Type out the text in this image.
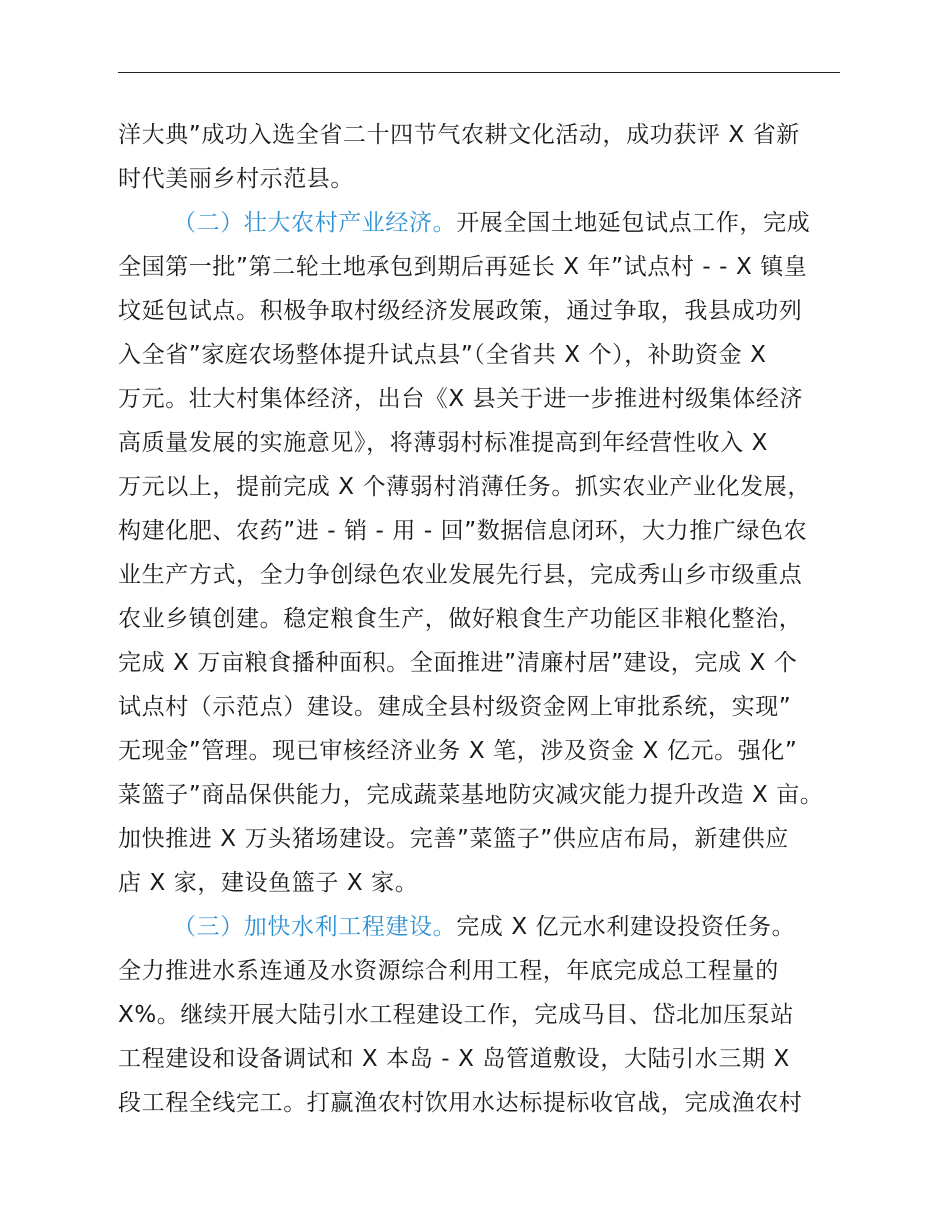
洋大典”成功入选全省二十四节气农耕文化活动，成功获评 X 省新
时代美丽乡村示范县。
（二）壮大农村产业经济。开展全国土地延包试点工作，完成
全国第一批”第二轮土地承包到期后再延长 X 年”试点村 - - X 镇皇
坟延包试点。积极争取村级经济发展政策，通过争取，我县成功列
入全省”家庭农场整体提升试点县”（全省共 X 个），补助资金 X
万元。壮大村集体经济，出台《X 县关于进一步推进村级集体经济
高质量发展的实施意见》，将薄弱村标准提高到年经营性收入 X
万元以上，提前完成 X 个薄弱村消薄任务。抓实农业产业化发展，
构建化肥、农药”进 - 销 - 用 - 回”数据信息闭环，大力推广绿色农
业生产方式，全力争创绿色农业发展先行县，完成秀山乡市级重点
农业乡镇创建。稳定粮食生产，做好粮食生产功能区非粮化整治，
完成 X 万亩粮食播种面积。全面推进”清廉村居”建设，完成 X 个
试点村（示范点）建设。建成全县村级资金网上审批系统，实现”
无现金”管理。现已审核经济业务 X 笔，涉及资金 X 亿元。强化”
菜篮子”商品保供能力，完成蔬菜基地防灾减灾能力提升改造 X 亩。
加快推进 X 万头猪场建设。完善”菜篮子”供应店布局，新建供应
店 X 家，建设鱼篮子 X 家。
（三）加快水利工程建设。完成 X 亿元水利建设投资任务。
全力推进水系连通及水资源综合利用工程，年底完成总工程量的
X%。继续开展大陆引水工程建设工作，完成马目、岱北加压泵站
工程建设和设备调试和 X 本岛 - X 岛管道敷设，大陆引水三期 X
段工程全线完工。打赢渔农村饮用水达标提标收官战，完成渔农村
